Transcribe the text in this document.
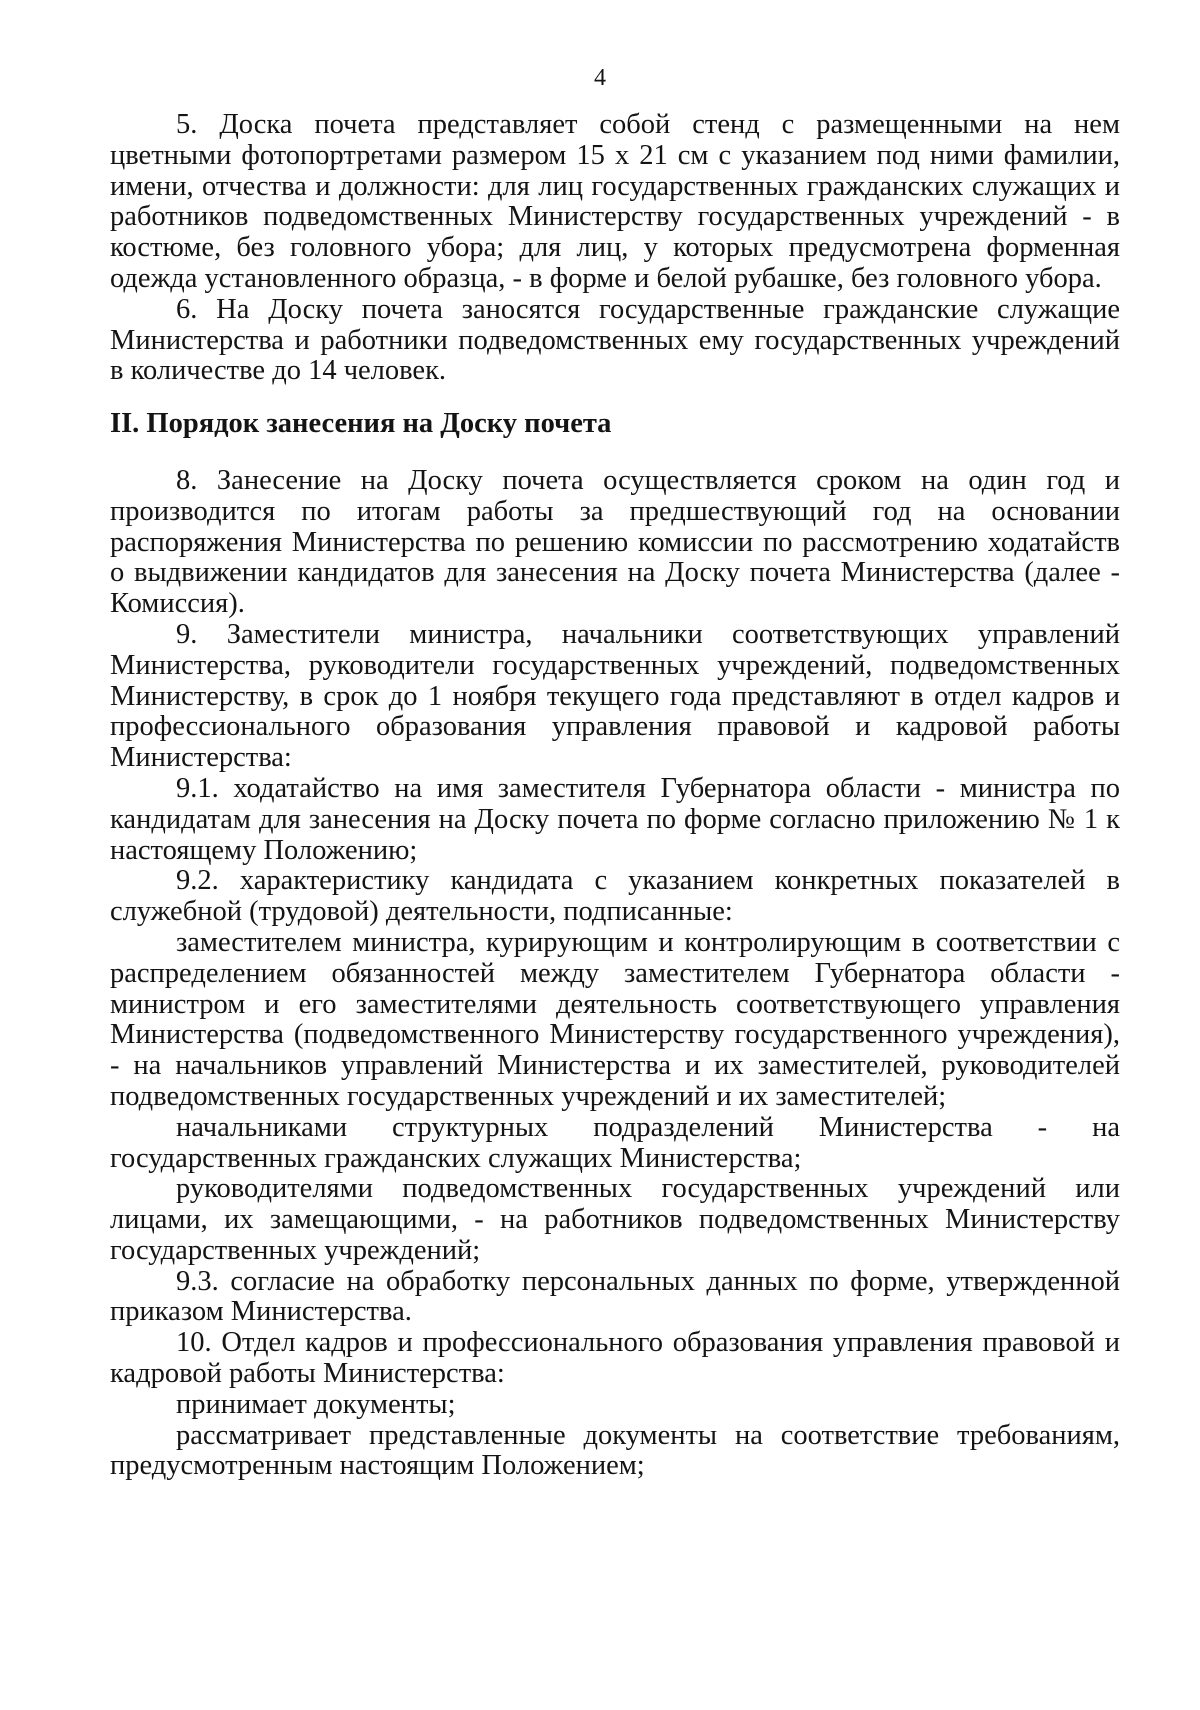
4

5. Доска почета представляет собой стенд с размещенными на нем
цветными фотопортретами размером 15 х 21 см с указанием под ними фамилии,
имени, отчества и должности: для лиц государственных гражданских служащих и
работников подведомственных Министерству государственных учреждений - в
костюме, без головного убора; для лиц, у которых предусмотрена форменная
одежда установленного образца, - в форме и белой рубашке, без головного убора.

6. На Доску почета заносятся государственные гражданские служащие
Министерства и работники подведомственных ему государственных учреждений
в количестве до 14 человек.

II. Порядок занесения на Доску почета

8. Занесение на Доску почета осуществляется сроком на один год и
производится по итогам работы за предшествующий год на основании
распоряжения Министерства по решению комиссии по рассмотрению ходатайств
о выдвижении кандидатов для занесения на Доску почета Министерства (далее -
Комиссия).

9. Заместители министра, начальники соответствующих управлений
Министерства, руководители государственных учреждений, подведомственных
Министерству, в срок до 1 ноября текущего года представляют в отдел кадров и
профессионального образования управления правовой и кадровой работы
Министерства:

9.1. ходатайство на имя заместителя Губернатора области - министра по
кандидатам для занесения на Доску почета по форме согласно приложению № 1 к
настоящему Положению;

9.2. характеристику кандидата с указанием конкретных показателей в
служебной (трудовой) деятельности, подписанные:

заместителем министра, курирующим и контролирующим в соответствии с
распределением обязанностей между заместителем Губернатора области -
министром и его заместителями деятельность соответствующего управления
Министерства (подведомственного Министерству государственного учреждения),
- на начальников управлений Министерства и их заместителей, руководителей
подведомственных государственных учреждений и их заместителей;

начальниками структурных подразделений Министерства - на
государственных гражданских служащих Министерства;

руководителями подведомственных государственных учреждений или
лицами, их замещающими, - на работников подведомственных Министерству
государственных учреждений;

9.3. согласие на обработку персональных данных по форме, утвержденной
приказом Министерства.

10. Отдел кадров и профессионального образования управления правовой и
кадровой работы Министерства:

принимает документы;

рассматривает представленные документы на соответствие требованиям,
предусмотренным настоящим Положением;
